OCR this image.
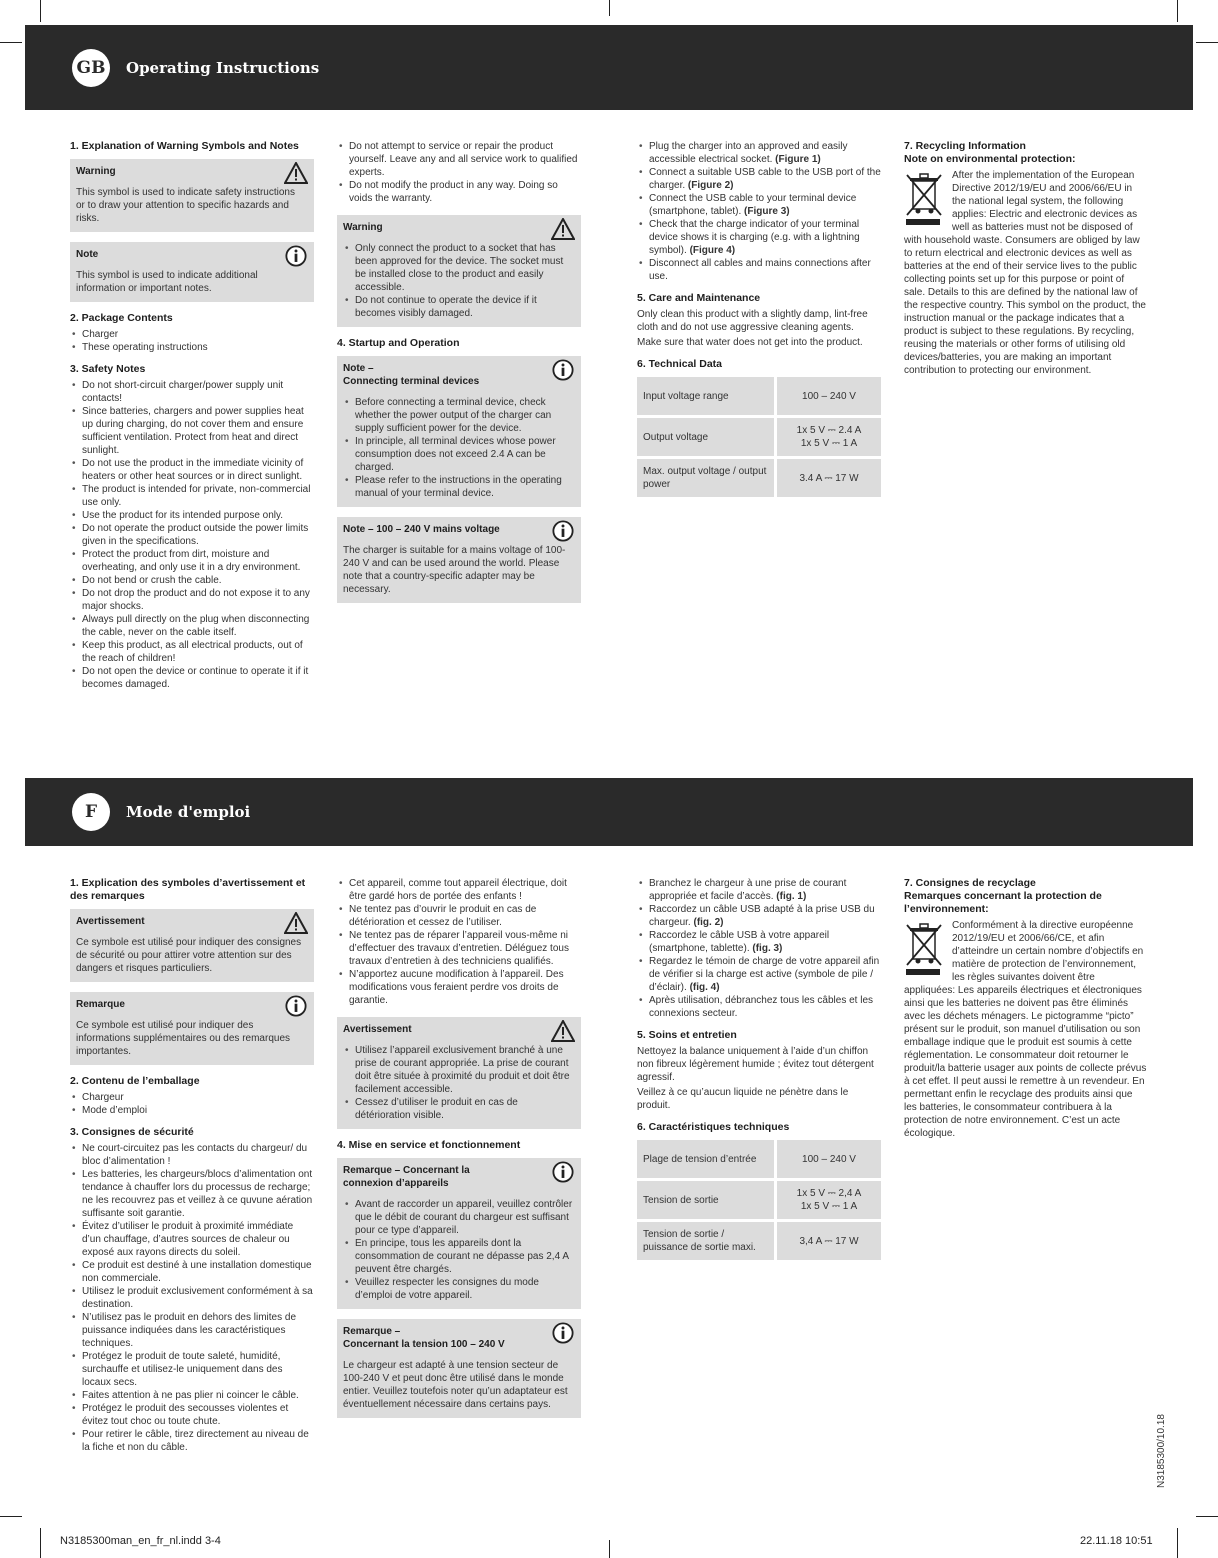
GB	Operating Instructions
1. Explanation of Warning Symbols and Notes
Warning
This symbol is used to indicate safety instructions or to draw your attention to specific hazards and risks.
Note
This symbol is used to indicate additional information or important notes.
2. Package Contents
• Charger
• These operating instructions
3. Safety Notes
• Do not short-circuit charger/power supply unit contacts!
• Since batteries, chargers and power supplies heat up during charging, do not cover them and ensure sufficient ventilation. Protect from heat and direct sunlight.
• Do not use the product in the immediate vicinity of heaters or other heat sources or in direct sunlight.
• The product is intended for private, non-commercial use only.
• Use the product for its intended purpose only.
• Do not operate the product outside the power limits given in the specifications.
• Protect the product from dirt, moisture and overheating, and only use it in a dry environment.
• Do not bend or crush the cable.
• Do not drop the product and do not expose it to any major shocks.
• Always pull directly on the plug when disconnecting the cable, never on the cable itself.
• Keep this product, as all electrical products, out of the reach of children!
• Do not open the device or continue to operate it if it becomes damaged.
• Do not attempt to service or repair the product yourself. Leave any and all service work to qualified experts.
• Do not modify the product in any way. Doing so voids the warranty.
Warning
• Only connect the product to a socket that has been approved for the device. The socket must be installed close to the product and easily accessible.
• Do not continue to operate the device if it becomes visibly damaged.
4. Startup and Operation
Note –
Connecting terminal devices
• Before connecting a terminal device, check whether the power output of the charger can supply sufficient power for the device.
• In principle, all terminal devices whose power consumption does not exceed 2.4 A can be charged.
• Please refer to the instructions in the operating manual of your terminal device.
Note – 100 – 240 V mains voltage
The charger is suitable for a mains voltage of 100-240 V and can be used around the world. Please note that a country-specific adapter may be necessary.
• Plug the charger into an approved and easily accessible electrical socket. (Figure 1)
• Connect a suitable USB cable to the USB port of the charger. (Figure 2)
• Connect the USB cable to your terminal device (smartphone, tablet). (Figure 3)
• Check that the charge indicator of your terminal device shows it is charging (e.g. with a lightning symbol). (Figure 4)
• Disconnect all cables and mains connections after use.
5. Care and Maintenance

Only clean this product with a slightly damp, lint-free cloth and do not use aggressive cleaning agents.

Make sure that water does not get into the product.

6. Technical Data
Input voltage range	100 – 240 V
Output voltage	1x 5 V ⎓ 2.4 A
1x 5 V ⎓ 1 A
Max. output voltage / output power	3.4 A ⎓ 17 W
7. Recycling Information
Note on environmental protection:

After the implementation of the European Directive 2012/19/EU and 2006/66/EU in the national legal system, the following applies: Electric and electronic devices as well as batteries must not be disposed of with household waste. Consumers are obliged by law to return electrical and electronic devices as well as batteries at the end of their service lives to the public collecting points set up for this purpose or point of sale. Details to this are defined by the national law of the respective country. This symbol on the product, the instruction manual or the package indicates that a product is subject to these regulations. By recycling, reusing the materials or other forms of utilising old devices/batteries, you are making an important contribution to protecting our environment.

F	Mode d'emploi
1. Explication des symboles d’avertissement et des remarques
Avertissement
Ce symbole est utilisé pour indiquer des consignes de sécurité ou pour attirer votre attention sur des dangers et risques particuliers.
Remarque
Ce symbole est utilisé pour indiquer des informations supplémentaires ou des remarques importantes.
2. Contenu de l’emballage
• Chargeur
• Mode d’emploi
3. Consignes de sécurité
• Ne court-circuitez pas les contacts du chargeur/ du bloc d’alimentation !
• Les batteries, les chargeurs/blocs d’alimentation ont tendance à chauffer lors du processus de recharge; ne les recouvrez pas et veillez à ce quvune aération suffisante soit garantie.
• Évitez d’utiliser le produit à proximité immédiate d’un chauffage, d’autres sources de chaleur ou exposé aux rayons directs du soleil.
• Ce produit est destiné à une installation domestique non commerciale.
• Utilisez le produit exclusivement conformément à sa destination.
• N’utilisez pas le produit en dehors des limites de puissance indiquées dans les caractéristiques techniques.
• Protégez le produit de toute saleté, humidité, surchauffe et utilisez-le uniquement dans des locaux secs.
• Faites attention à ne pas plier ni coincer le câble.
• Protégez le produit des secousses violentes et évitez tout choc ou toute chute.
• Pour retirer le câble, tirez directement au niveau de la fiche et non du câble.
• Cet appareil, comme tout appareil électrique, doit être gardé hors de portée des enfants !
• Ne tentez pas d’ouvrir le produit en cas de détérioration et cessez de l’utiliser.
• Ne tentez pas de réparer l’appareil vous-même ni d’effectuer des travaux d’entretien. Déléguez tous travaux d’entretien à des techniciens qualifiés.
• N’apportez aucune modification à l’appareil. Des modifications vous feraient perdre vos droits de garantie.
Avertissement
• Utilisez l’appareil exclusivement branché à une prise de courant appropriée. La prise de courant doit être située à proximité du produit et doit être facilement accessible.
• Cessez d’utiliser le produit en cas de détérioration visible.
4. Mise en service et fonctionnement
Remarque – Concernant la
connexion d’appareils
• Avant de raccorder un appareil, veuillez contrôler que le débit de courant du chargeur est suffisant pour ce type d’appareil.
• En principe, tous les appareils dont la consommation de courant ne dépasse pas 2,4 A peuvent être chargés.
• Veuillez respecter les consignes du mode d’emploi de votre appareil.
Remarque –
Concernant la tension 100 – 240 V
Le chargeur est adapté à une tension secteur de 100-240 V et peut donc être utilisé dans le monde entier. Veuillez toutefois noter qu’un adaptateur est éventuellement nécessaire dans certains pays.
• Branchez le chargeur à une prise de courant appropriée et facile d’accès. (fig. 1)
• Raccordez un câble USB adapté à la prise USB du chargeur. (fig. 2)
• Raccordez le câble USB à votre appareil (smartphone, tablette). (fig. 3)
• Regardez le témoin de charge de votre appareil afin de vérifier si la charge est active (symbole de pile / d’éclair). (fig. 4)
• Après utilisation, débranchez tous les câbles et les connexions secteur.
5. Soins et entretien

Nettoyez la balance uniquement à l’aide d’un chiffon non fibreux légèrement humide ; évitez tout détergent agressif.

Veillez à ce qu’aucun liquide ne pénètre dans le produit.

6. Caractéristiques techniques
Plage de tension d’entrée	100 – 240 V
Tension de sortie	1x 5 V ⎓ 2,4 A
1x 5 V ⎓ 1 A
Tension de sortie / puissance de sortie maxi.	3,4 A ⎓ 17 W
7. Consignes de recyclage
Remarques concernant la protection de l’environnement:

Conformément à la directive européenne 2012/19/EU et 2006/66/CE, et afin d’atteindre un certain nombre d’objectifs en matière de protection de l’environnement, les règles suivantes doivent être appliquées: Les appareils électriques et électroniques ainsi que les batteries ne doivent pas être éliminés avec les déchets ménagers. Le pictogramme “picto” présent sur le produit, son manuel d’utilisation ou son emballage indique que le produit est soumis à cette réglementation. Le consommateur doit retourner le produit/la batterie usager aux points de collecte prévus à cet effet. Il peut aussi le remettre à un revendeur. En permettant enfin le recyclage des produits ainsi que les batteries, le consommateur contribuera à la protection de notre environnement. C’est un acte écologique.

N3185300/10.18
N3185300man_en_fr_nl.indd 3-4	22.11.18 10:51
